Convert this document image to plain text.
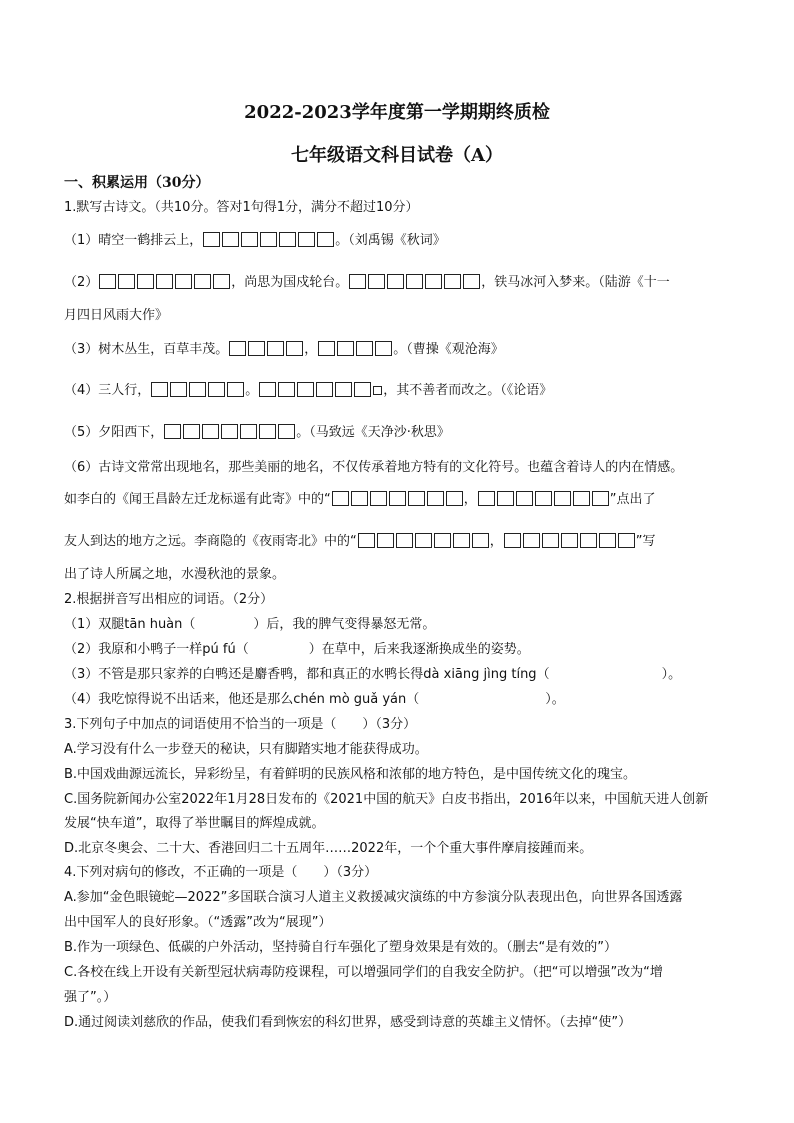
2022-2023学年度第一学期期终质检
七年级语文科目试卷（A）
一、积累运用（30分）
1.默写古诗文。（共10分。答对1句得1分，满分不超过10分）
（1）晴空一鹤排云上，	。（刘禹锡《秋词》
（2）	，尚思为国戍轮台。	，铁马冰河入梦来。（陆游《十一
月四日风雨大作》
（3）树木丛生，百草丰茂。	，	。（曹操《观沧海》
（4）三人行，	。	，其不善者而改之。（《论语》
（5）夕阳西下，	。（马致远《天净沙·秋思》
（6）古诗文常常出现地名，那些美丽的地名，不仅传承着地方特有的文化符号。也蕴含着诗人的内在情感。
如李白的《闻王昌龄左迁龙标遥有此寄》中的“	，	”点出了
友人到达的地方之远。李商隐的《夜雨寄北》中的“	，	”写
出了诗人所属之地，水漫秋池的景象。
2.根据拼音写出相应的词语。（2分）
（1）双腿tān huàn（	）后，我的脾气变得暴怒无常。
（2）我原和小鸭子一样pú fú（	）在草中，后来我逐渐换成坐的姿势。
（3）不管是那只家养的白鸭还是麝香鸭，都和真正的水鸭长得dà xiāng jìng tíng（	）。
（4）我吃惊得说不出话来，他还是那么chén mò guǎ yán（	）。
3.下列句子中加点的词语使用不恰当的一项是（　　）（3分）
A.学习没有什么一步登天的秘诀，只有脚踏实地才能获得成功。
B.中国戏曲源远流长，异彩纷呈，有着鲜明的民族风格和浓郁的地方特色，是中国传统文化的瑰宝。
C.国务院新闻办公室2022年1月28日发布的《2021中国的航天》白皮书指出，2016年以来，中国航天进人创新
发展“快车道”，取得了举世瞩目的辉煌成就。
D.北京冬奥会、二十大、香港回归二十五周年……2022年，一个个重大事件摩肩接踵而来。
4.下列对病句的修改，不正确的一项是（　　）（3分）
A.参加“金色眼镜蛇—2022”多国联合演习人道主义救援减灾演练的中方参演分队表现出色，向世界各国透露
出中国军人的良好形象。（“透露”改为“展现”）
B.作为一项绿色、低碳的户外活动，坚持骑自行车强化了塑身效果是有效的。（删去“是有效的”）
C.各校在线上开设有关新型冠状病毒防疫课程，可以增强同学们的自我安全防护。（把“可以增强”改为“增
强了”。）
D.通过阅读刘慈欣的作品，使我们看到恢宏的科幻世界，感受到诗意的英雄主义情怀。（去掉“使”）
